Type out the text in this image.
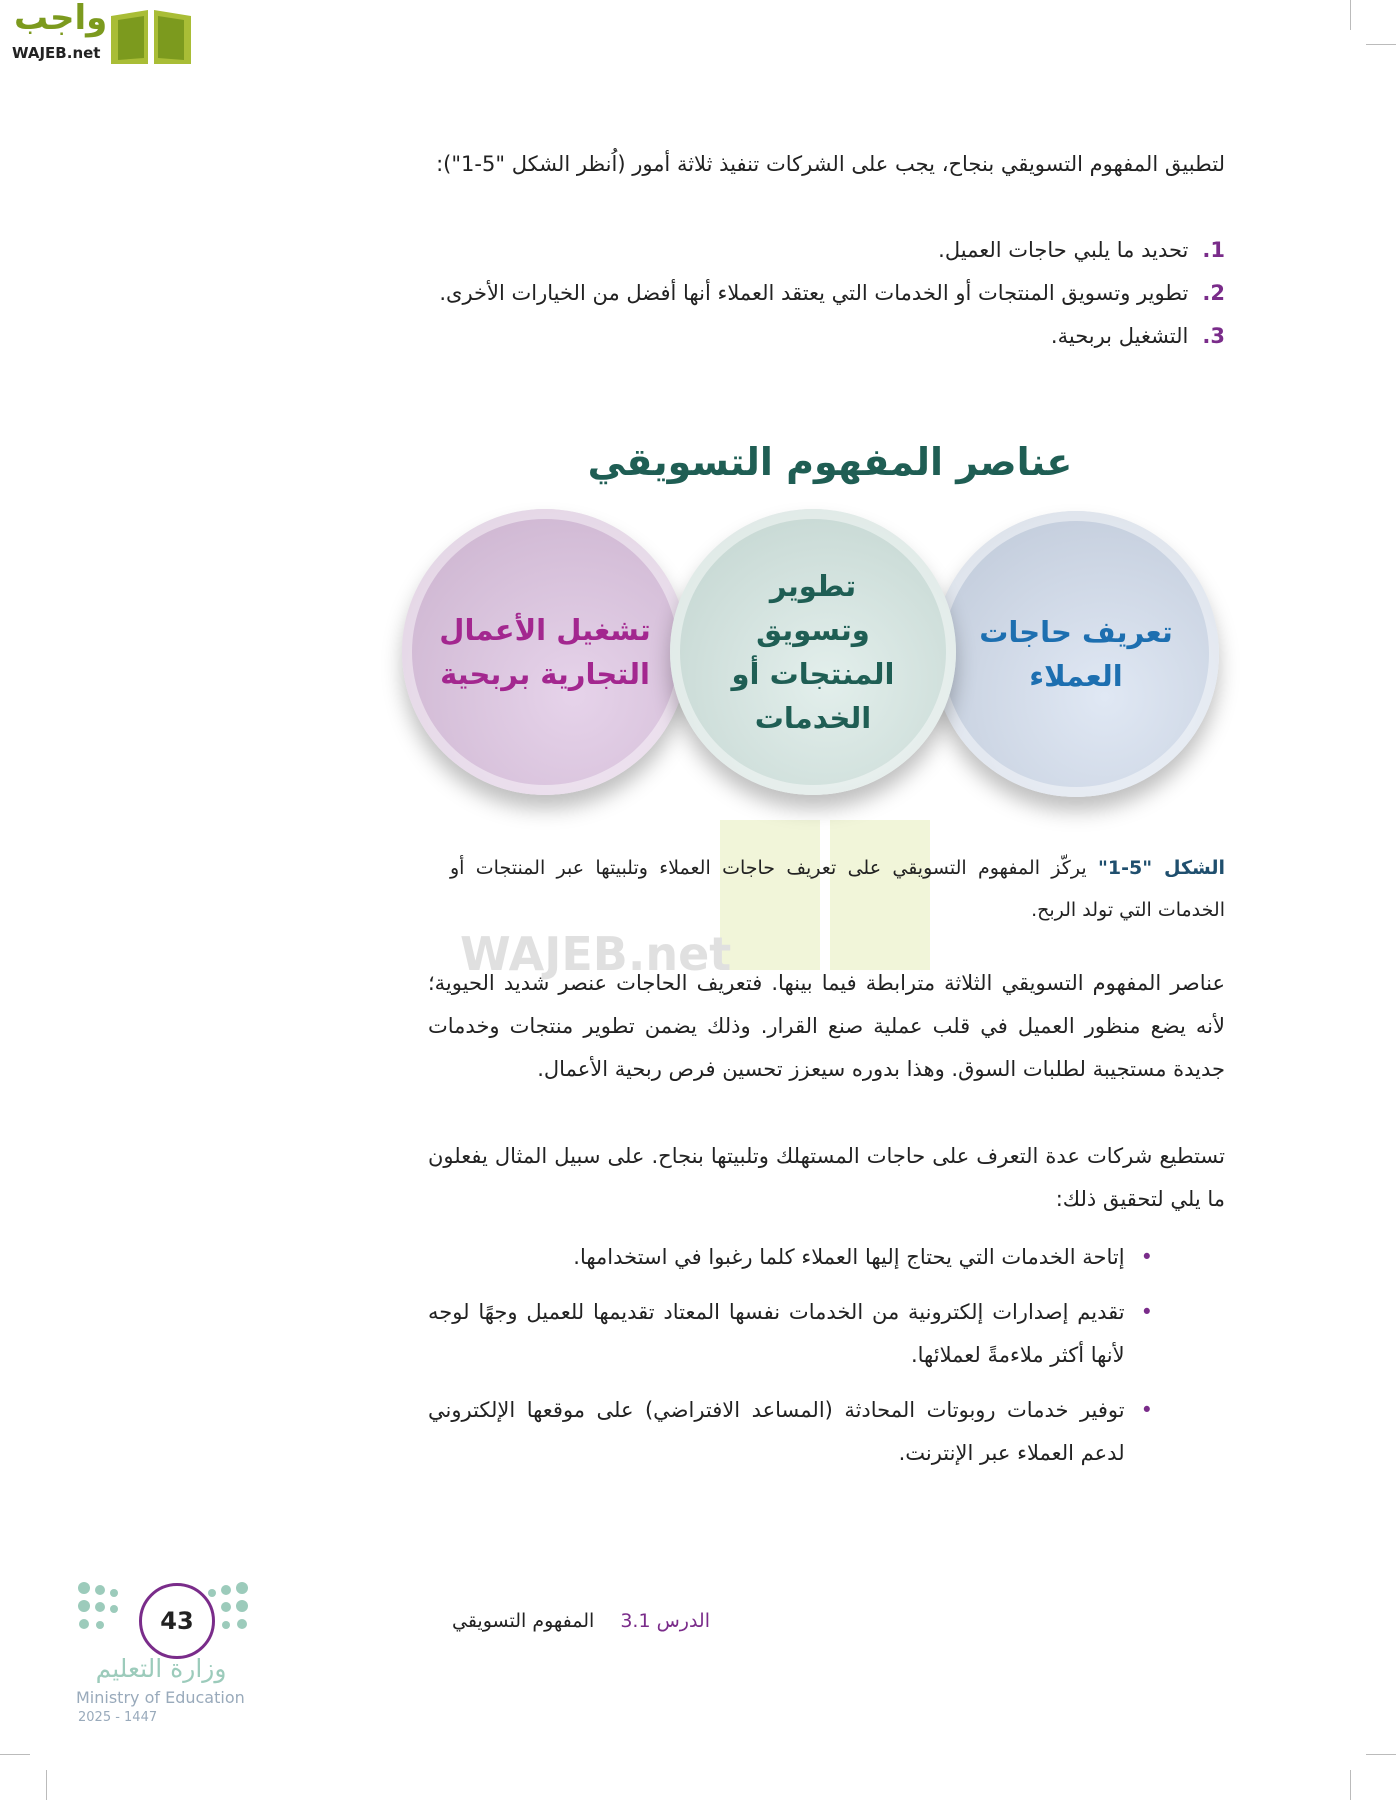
واجب
WAJEB.net
WAJEB.net
لتطبيق المفهوم التسويقي بنجاح، يجب على الشركات تنفيذ ثلاثة أمور (اُنظر الشكل "5-1"):
1.تحديد ما يلبي حاجات العميل.
2.
تطوير وتسويق المنتجات أو الخدمات التي يعتقد العملاء أنها أفضل من الخيارات الأخرى.
3.التشغيل بربحية.
عناصر المفهوم التسويقي
تشغيل الأعمال التجارية بربحية
تعريف حاجات العملاء
تطوير وتسويق المنتجات أو الخدمات
الشكل "5-1" يركّز المفهوم التسويقي على تعريف حاجات العملاء وتلبيتها عبر المنتجات أو الخدمات التي تولد الربح.
عناصر المفهوم التسويقي الثلاثة مترابطة فيما بينها. فتعريف الحاجات عنصر شديد الحيوية؛ لأنه يضع منظور العميل في قلب عملية صنع القرار. وذلك يضمن تطوير منتجات وخدمات جديدة مستجيبة لطلبات السوق. وهذا بدوره سيعزز تحسين فرص ربحية الأعمال.
تستطيع شركات عدة التعرف على حاجات المستهلك وتلبيتها بنجاح. على سبيل المثال يفعلون ما يلي لتحقيق ذلك:
•
إتاحة الخدمات التي يحتاج إليها العملاء كلما رغبوا في استخدامها.
•
تقديم إصدارات إلكترونية من الخدمات نفسها المعتاد تقديمها للعميل وجهًا لوجه لأنها أكثر ملاءمةً لعملائها.
•
توفير خدمات روبوتات المحادثة (المساعد الافتراضي) على موقعها الإلكتروني لدعم العملاء عبر الإنترنت.
الدرس 3.1المفهوم التسويقي
43
وزارة التعليم
Ministry of Education
2025 - 1447
